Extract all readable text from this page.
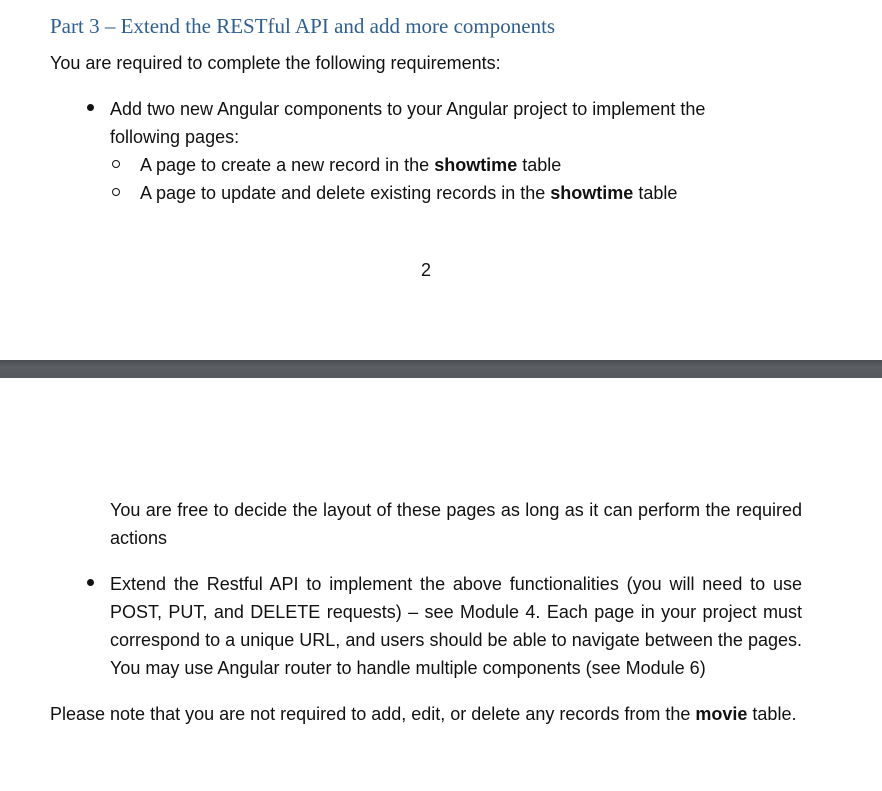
Part 3 – Extend the RESTful API and add more components

You are required to complete the following requirements:

Add two new Angular components to your Angular project to implement the

following pages:

A page to create a new record in the showtime table

A page to update and delete existing records in the showtime table

2

You are free to decide the layout of these pages as long as it can perform the required

actions

Extend the Restful API to implement the above functionalities (you will need to use

POST, PUT, and DELETE requests) – see Module 4. Each page in your project must

correspond to a unique URL, and users should be able to navigate between the pages.

You may use Angular router to handle multiple components (see Module 6)

Please note that you are not required to add, edit, or delete any records from the movie table.
